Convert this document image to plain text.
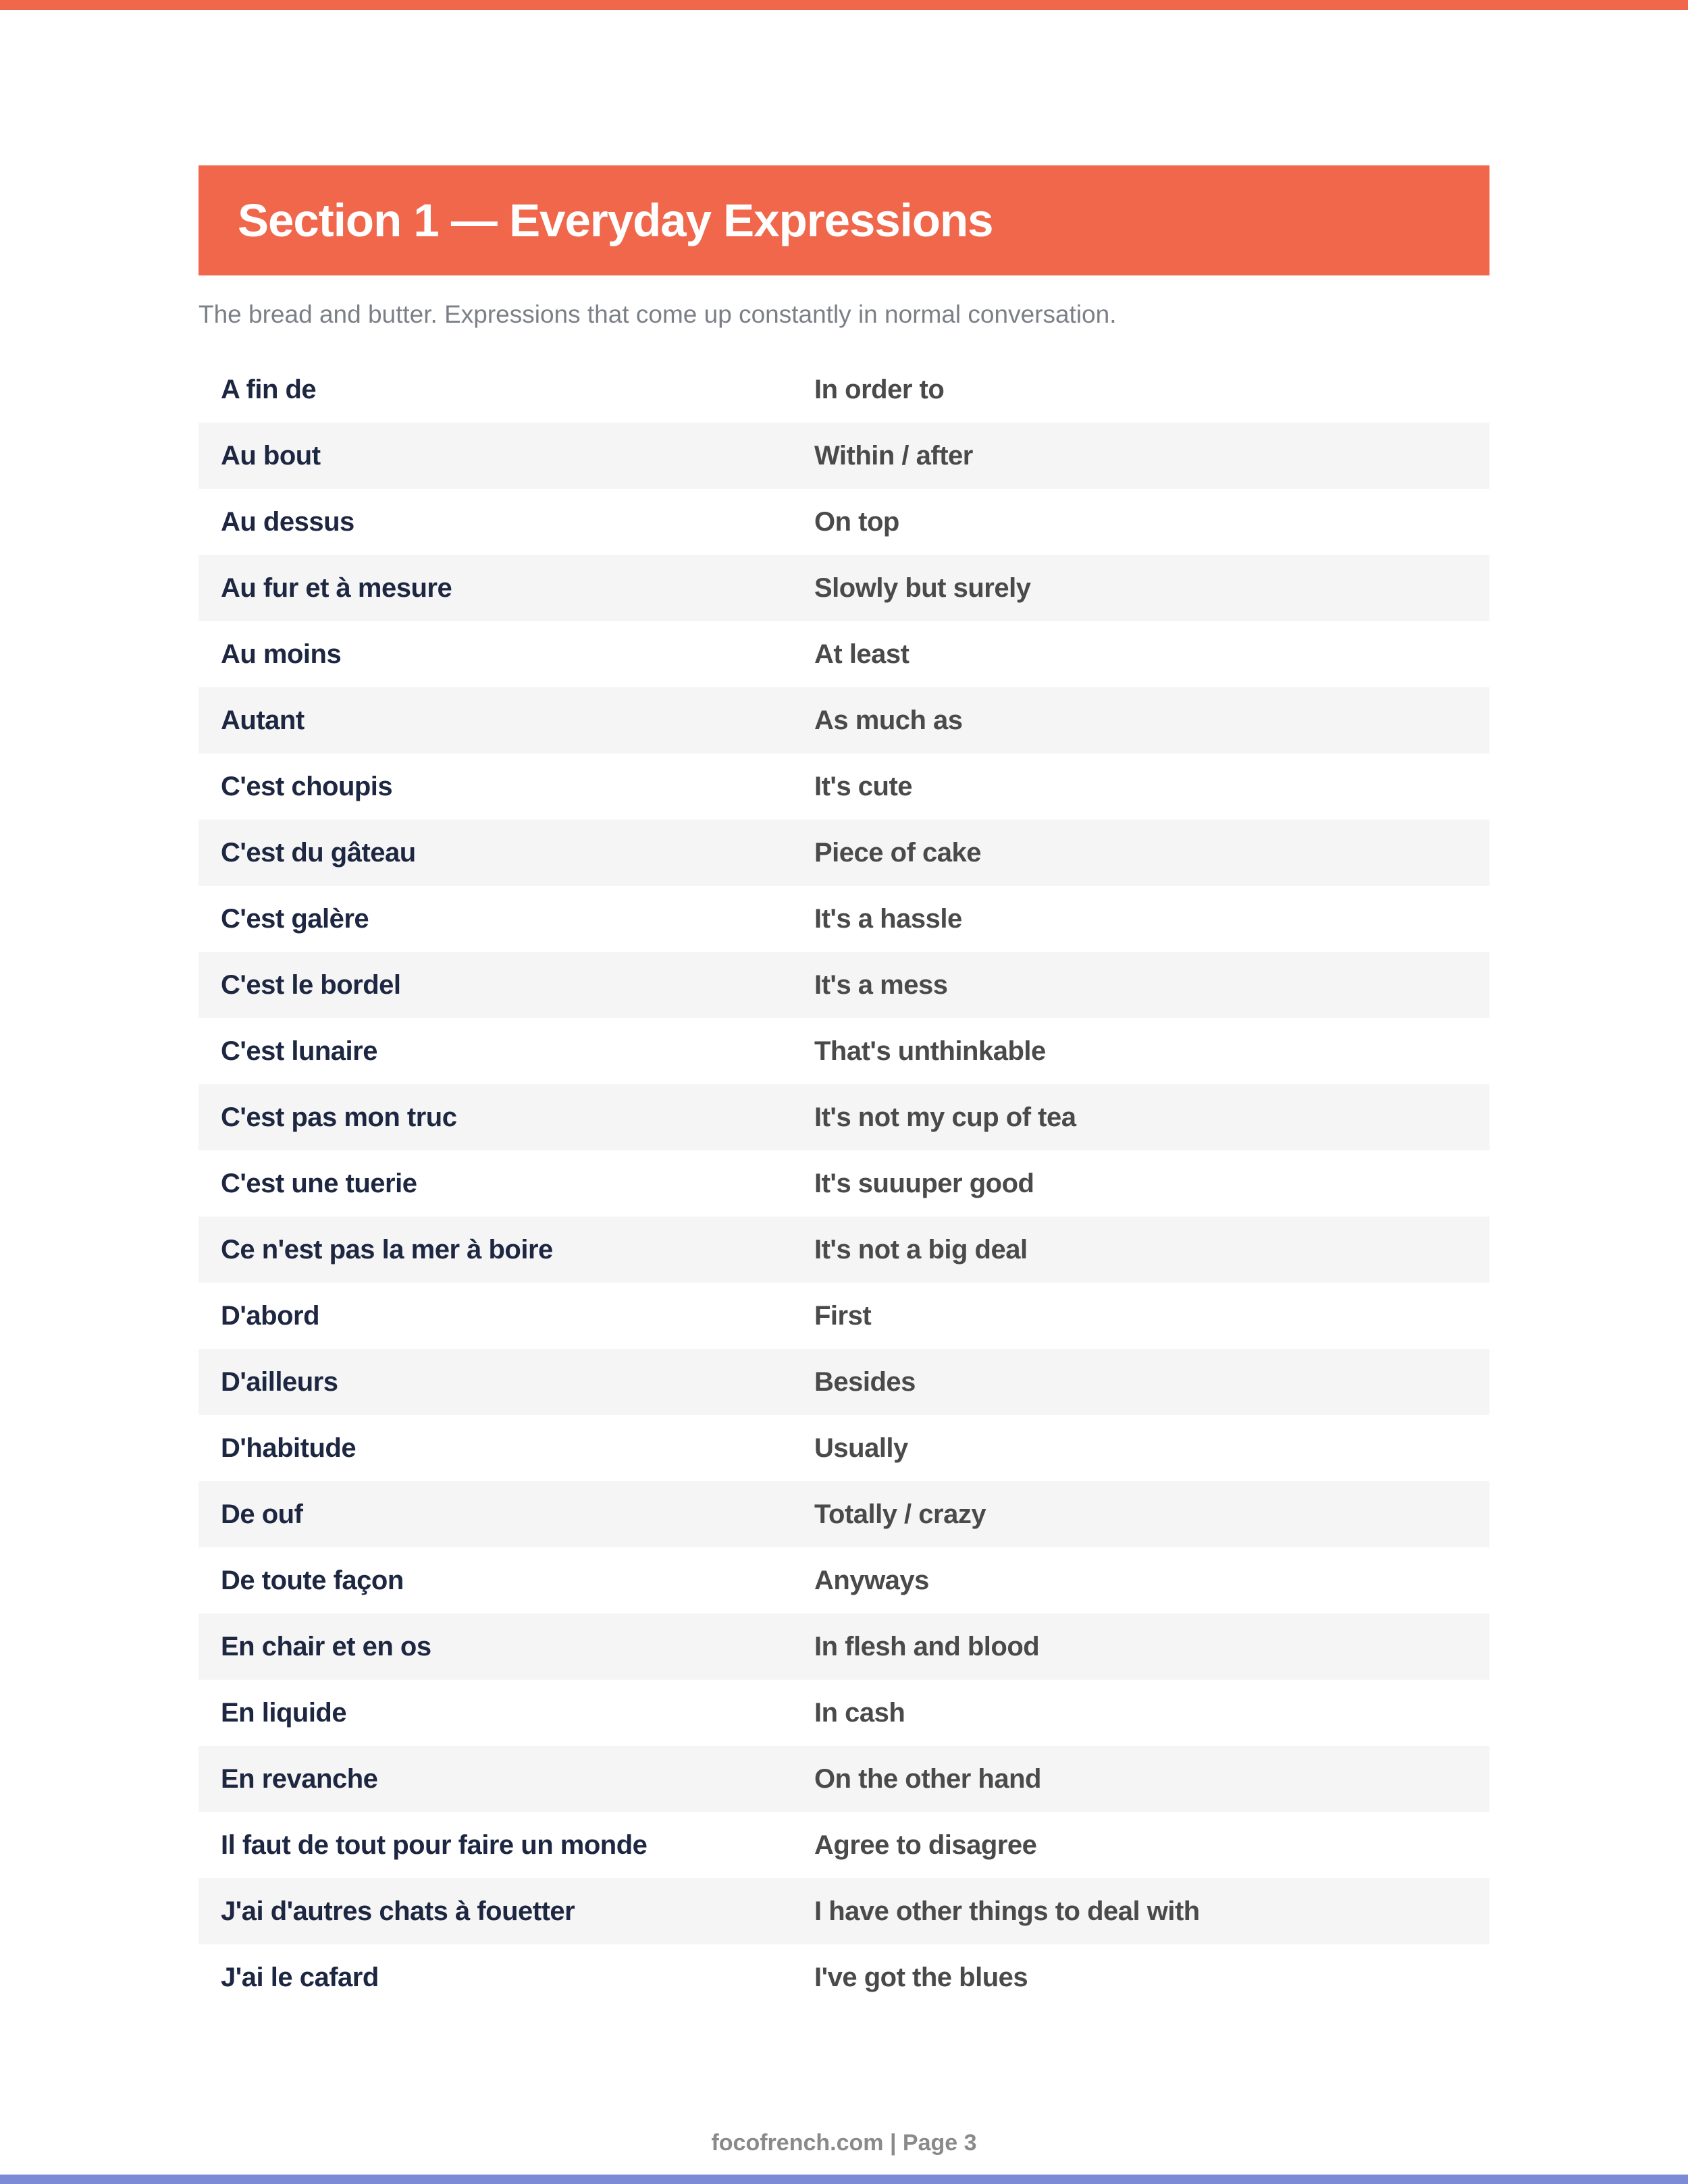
Section 1 — Everyday Expressions
The bread and butter. Expressions that come up constantly in normal conversation.
A fin de	In order to
Au bout	Within / after
Au dessus	On top
Au fur et à mesure	Slowly but surely
Au moins	At least
Autant	As much as
C'est choupis	It's cute
C'est du gâteau	Piece of cake
C'est galère	It's a hassle
C'est le bordel	It's a mess
C'est lunaire	That's unthinkable
C'est pas mon truc	It's not my cup of tea
C'est une tuerie	It's suuuper good
Ce n'est pas la mer à boire	It's not a big deal
D'abord	First
D'ailleurs	Besides
D'habitude	Usually
De ouf	Totally / crazy
De toute façon	Anyways
En chair et en os	In flesh and blood
En liquide	In cash
En revanche	On the other hand
Il faut de tout pour faire un monde	Agree to disagree
J'ai d'autres chats à fouetter	I have other things to deal with
J'ai le cafard	I've got the blues
focofrench.com | Page 3
